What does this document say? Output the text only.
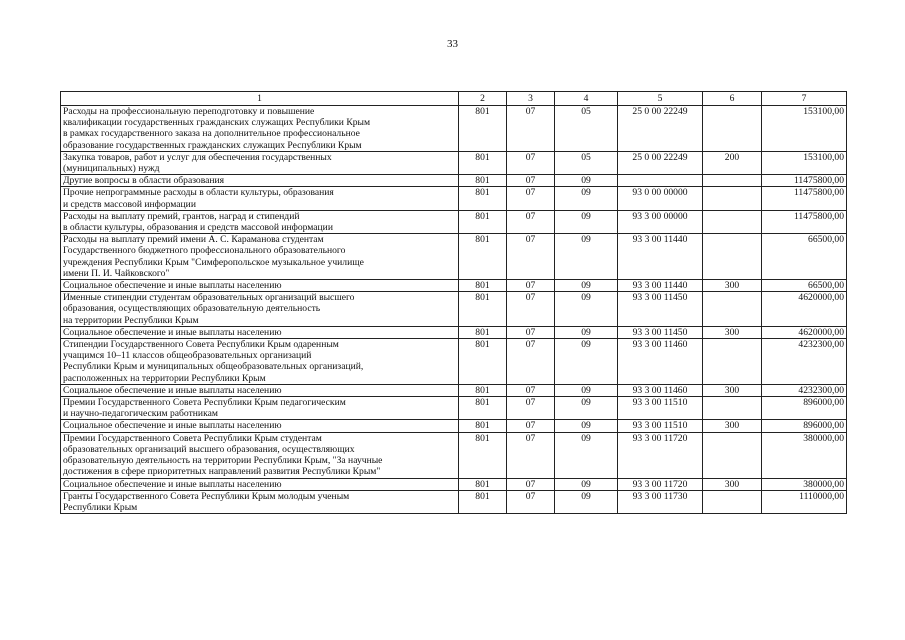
33
1	2	3	4	5	6	7
Расходы на профессиональную переподготовку и повышение
квалификации государственных гражданских служащих Республики Крым
в рамках государственного заказа на дополнительное профессиональное
образование государственных гражданских служащих Республики Крым	801	07	05	25 0 00 22249		153100,00
Закупка товаров, работ и услуг для обеспечения государственных
(муниципальных) нужд	801	07	05	25 0 00 22249	200	153100,00
Другие вопросы в области образования	801	07	09			11475800,00
Прочие непрограммные расходы в области культуры, образования
и средств массовой информации	801	07	09	93 0 00 00000		11475800,00
Расходы на выплату премий, грантов, наград и стипендий
в области культуры, образования и средств массовой информации	801	07	09	93 3 00 00000		11475800,00
Расходы на выплату премий имени А. С. Караманова студентам
Государственного бюджетного профессионального образовательного
учреждения Республики Крым "Симферопольское музыкальное училище
имени П. И. Чайковского"	801	07	09	93 3 00 11440		66500,00
Социальное обеспечение и иные выплаты населению	801	07	09	93 3 00 11440	300	66500,00
Именные стипендии студентам образовательных организаций высшего
образования, осуществляющих образовательную деятельность
на территории Республики Крым	801	07	09	93 3 00 11450		4620000,00
Социальное обеспечение и иные выплаты населению	801	07	09	93 3 00 11450	300	4620000,00
Стипендии Государственного Совета Республики Крым одаренным
учащимся 10–11 классов общеобразовательных организаций
Республики Крым и муниципальных общеобразовательных организаций,
расположенных на территории Республики Крым	801	07	09	93 3 00 11460		4232300,00
Социальное обеспечение и иные выплаты населению	801	07	09	93 3 00 11460	300	4232300,00
Премии Государственного Совета Республики Крым педагогическим
и научно-педагогическим работникам	801	07	09	93 3 00 11510		896000,00
Социальное обеспечение и иные выплаты населению	801	07	09	93 3 00 11510	300	896000,00
Премии Государственного Совета Республики Крым студентам
образовательных организаций высшего образования, осуществляющих
образовательную деятельность на территории Республики Крым, "За научные
достижения в сфере приоритетных направлений развития Республики Крым"	801	07	09	93 3 00 11720		380000,00
Социальное обеспечение и иные выплаты населению	801	07	09	93 3 00 11720	300	380000,00
Гранты Государственного Совета Республики Крым молодым ученым
Республики Крым	801	07	09	93 3 00 11730		1110000,00
